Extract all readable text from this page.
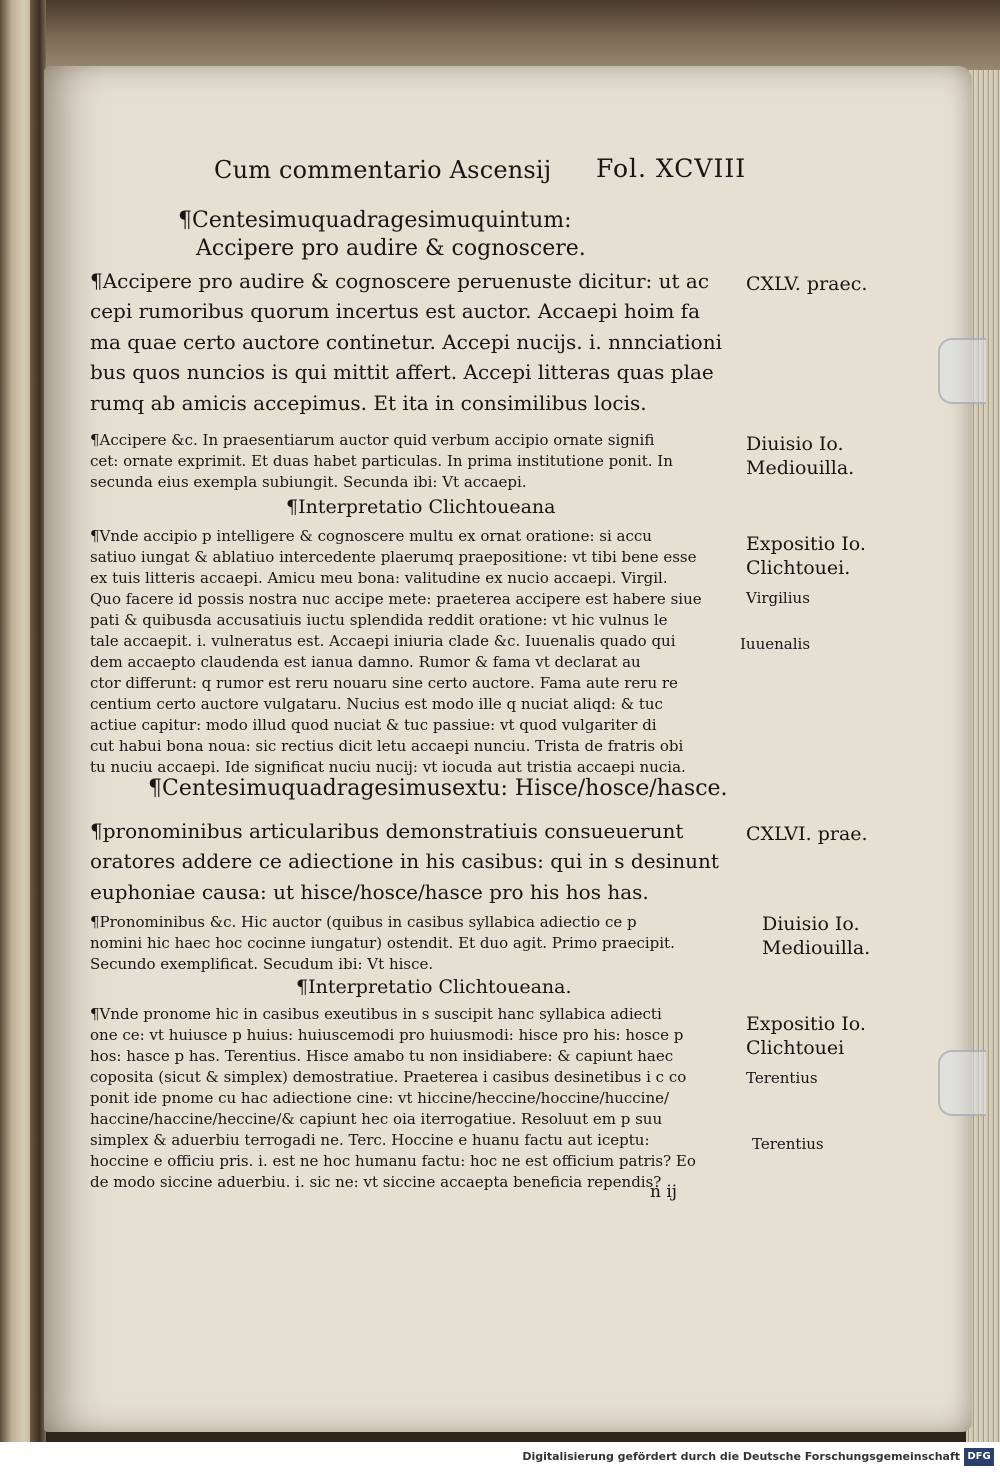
Cum commentario Ascensij Fol. XCVIII
¶Centesimuquadragesimuquintum:
Accipere pro audire & cognoscere.
¶Accipere pro audire & cognoscere peruenuste dicitur: ut ac
cepi rumoribus quorum incertus est auctor. Accaepi hoim fa
ma quae certo auctore continetur. Accepi nucijs. i. nnnciationi
bus quos nuncios is qui mittit affert. Accepi litteras quas plae
rumq ab amicis accepimus. Et ita in consimilibus locis.
CXLV. praec.
¶Accipere &c. In praesentiarum auctor quid verbum accipio ornate signifi
cet: ornate exprimit. Et duas habet particulas. In prima institutione ponit. In
secunda eius exempla subiungit. Secunda ibi: Vt accaepi.
Diuisio Io.
Mediouilla.
¶Interpretatio Clichtoueana
¶Vnde accipio p intelligere & cognoscere multu ex ornat oratione: si accu
satiuo iungat & ablatiuo intercedente plaerumq praepositione: vt tibi bene esse
ex tuis litteris accaepi. Amicu meu bona: valitudine ex nucio accaepi. Virgil.
Quo facere id possis nostra nuc accipe mete: praeterea accipere est habere siue
pati & quibusda accusatiuis iuctu splendida reddit oratione: vt hic vulnus le
tale accaepit. i. vulneratus est. Accaepi iniuria clade &c. Iuuenalis quado qui
dem accaepto claudenda est ianua damno. Rumor & fama vt declarat au
ctor differunt: q rumor est reru nouaru sine certo auctore. Fama aute reru re
centium certo auctore vulgataru. Nucius est modo ille q nuciat aliqd: & tuc
actiue capitur: modo illud quod nuciat & tuc passiue: vt quod vulgariter di
cut habui bona noua: sic rectius dicit letu accaepi nunciu. Trista de fratris obi
tu nuciu accaepi. Ide significat nuciu nucij: vt iocuda aut tristia accaepi nucia.
Expositio Io.
Clichtouei.
Virgilius
Iuuenalis
¶Centesimuquadragesimusextu: Hisce/hosce/hasce.
¶pronominibus articularibus demonstratiuis consueuerunt
oratores addere ce adiectione in his casibus: qui in s desinunt
euphoniae causa: ut hisce/hosce/hasce pro his hos has.
CXLVI. prae.
¶Pronominibus &c. Hic auctor (quibus in casibus syllabica adiectio ce p
nomini hic haec hoc cocinne iungatur) ostendit. Et duo agit. Primo praecipit.
Secundo exemplificat. Secudum ibi: Vt hisce.
Diuisio Io.
Mediouilla.
¶Interpretatio Clichtoueana.
¶Vnde pronome hic in casibus exeutibus in s suscipit hanc syllabica adiecti
one ce: vt huiusce p huius: huiuscemodi pro huiusmodi: hisce pro his: hosce p
hos: hasce p has. Terentius. Hisce amabo tu non insidiabere: & capiunt haec
coposita (sicut & simplex) demostratiue. Praeterea i casibus desinetibus i c co
ponit ide pnome cu hac adiectione cine: vt hiccine/heccine/hoccine/huccine/
haccine/haccine/heccine/& capiunt hec oia iterrogatiue. Resoluut em p suu
simplex & aduerbiu terrogadi ne. Terc. Hoccine e huanu factu aut iceptu:
hoccine e officiu pris. i. est ne hoc humanu factu: hoc ne est officium patris? Eo
de modo siccine aduerbiu. i. sic ne: vt siccine accaepta beneficia rependis?
Expositio Io.
Clichtouei
Terentius
Terentius
n ij
Digitalisierung gefördert durch die Deutsche Forschungsgemeinschaft DFG
